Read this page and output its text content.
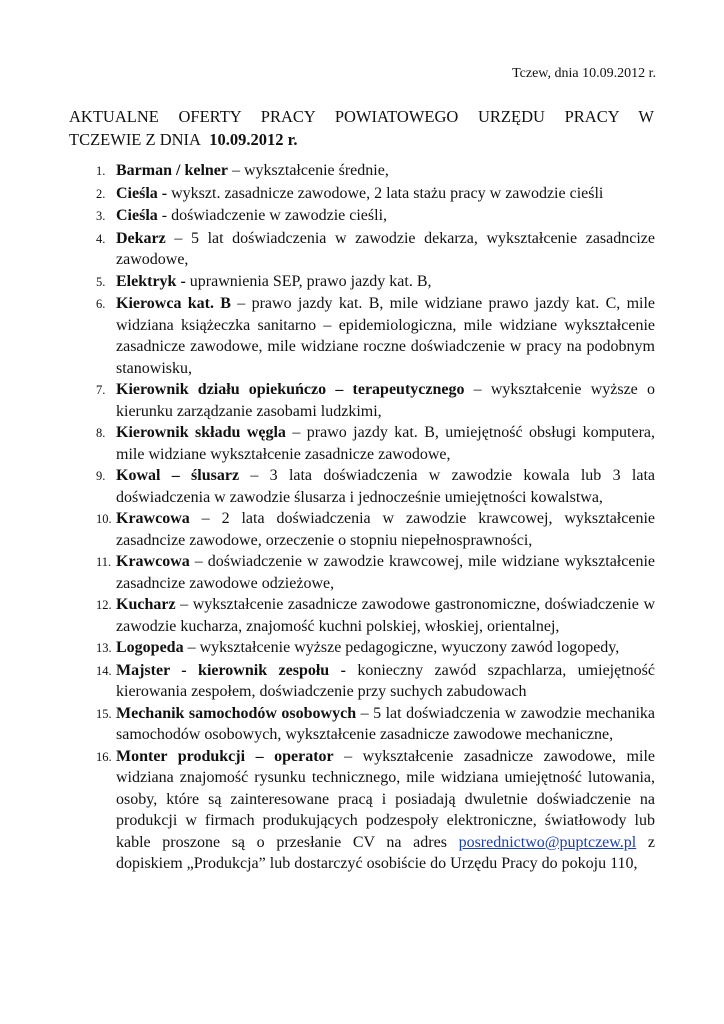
Tczew, dnia 10.09.2012 r.
AKTUALNE OFERTY PRACY POWIATOWEGO URZĘDU PRACY W
TCZEWIE Z DNIA 10.09.2012 r.
1. Barman / kelner – wykształcenie średnie,
2. Cieśla - wykszt. zasadnicze zawodowe, 2 lata stażu pracy w zawodzie cieśli
3. Cieśla - doświadczenie w zawodzie cieśli,
4. Dekarz – 5 lat doświadczenia w zawodzie dekarza, wykształcenie zasadncize zawodowe,
5. Elektryk - uprawnienia SEP, prawo jazdy kat. B,
6. Kierowca kat. B – prawo jazdy kat. B, mile widziane prawo jazdy kat. C, mile widziana książeczka sanitarno – epidemiologiczna, mile widziane wykształcenie zasadnicze zawodowe, mile widziane roczne doświadczenie w pracy na podobnym stanowisku,
7. Kierownik działu opiekuńczo – terapeutycznego – wykształcenie wyższe o kierunku zarządzanie zasobami ludzkimi,
8. Kierownik składu węgla – prawo jazdy kat. B, umiejętność obsługi komputera, mile widziane wykształcenie zasadnicze zawodowe,
9. Kowal – ślusarz – 3 lata doświadczenia w zawodzie kowala lub 3 lata doświadczenia w zawodzie ślusarza i jednocześnie umiejętności kowalstwa,
10. Krawcowa – 2 lata doświadczenia w zawodzie krawcowej, wykształcenie zasadncize zawodowe, orzeczenie o stopniu niepełnosprawności,
11. Krawcowa – doświadczenie w zawodzie krawcowej, mile widziane wykształcenie zasadncize zawodowe odzieżowe,
12. Kucharz – wykształcenie zasadnicze zawodowe gastronomiczne, doświadczenie w zawodzie kucharza, znajomość kuchni polskiej, włoskiej, orientalnej,
13. Logopeda – wykształcenie wyższe pedagogiczne, wyuczony zawód logopedy,
14. Majster - kierownik zespołu - konieczny zawód szpachlarza, umiejętność kierowania zespołem, doświadczenie przy suchych zabudowach
15. Mechanik samochodów osobowych – 5 lat doświadczenia w zawodzie mechanika samochodów osobowych, wykształcenie zasadnicze zawodowe mechaniczne,
16. Monter produkcji – operator – wykształcenie zasadnicze zawodowe, mile widziana znajomość rysunku technicznego, mile widziana umiejętność lutowania, osoby, które są zainteresowane pracą i posiadają dwuletnie doświadczenie na produkcji w firmach produkujących podzespoły elektroniczne, światłowody lub kable proszone są o przesłanie CV na adres posrednictwo@puptczew.pl z dopiskiem „Produkcja” lub dostarczyć osobiście do Urzędu Pracy do pokoju 110,
